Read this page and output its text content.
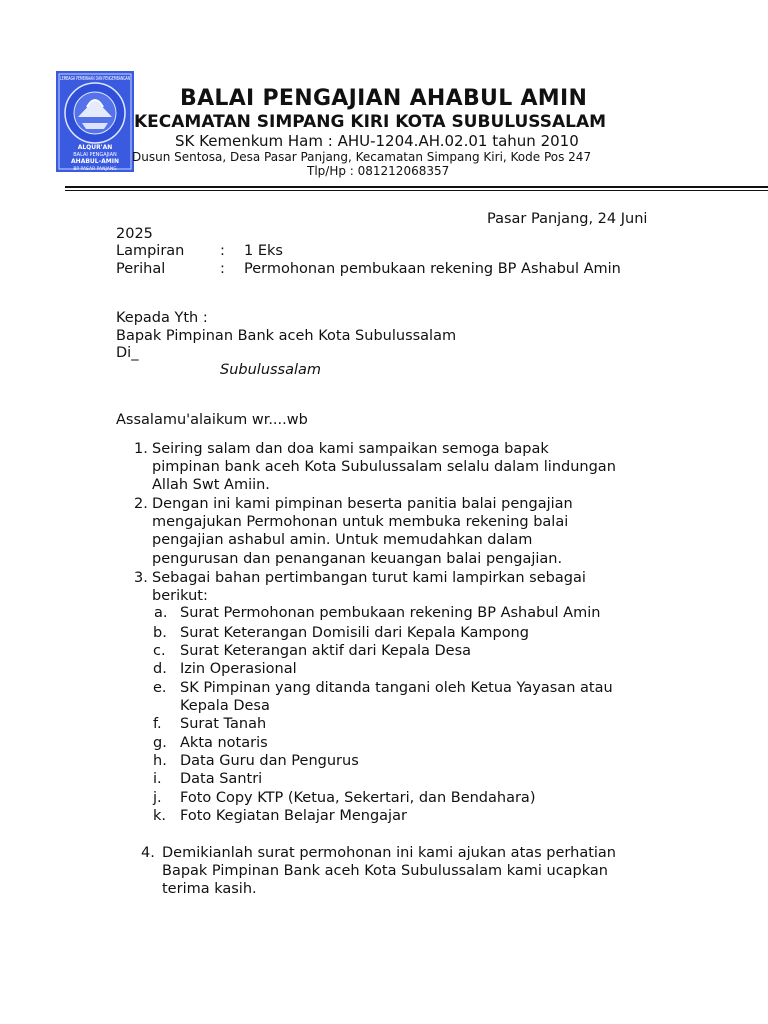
LEMBAGA PEMBINAAN DAN PENGEMBANGAN
ALQUR'AN
BALAI PENGAJIAN
AHABUL-AMIN
BP PASAR PANJANG
BALAI PENGAJIAN AHABUL AMIN
KECAMATAN SIMPANG KIRI KOTA SUBULUSSALAM
SK Kemenkum Ham : AHU-1204.AH.02.01 tahun 2010
Dusun Sentosa, Desa Pasar Panjang, Kecamatan Simpang Kiri, Kode Pos 247
Tlp/Hp : 081212068357
Pasar Panjang, 24 Juni
2025
Lampiran : 1 Eks
Perihal	: Permohonan pembukaan rekening BP Ashabul Amin
Kepada Yth :
Bapak Pimpinan Bank aceh Kota Subulussalam
Di_
Subulussalam
Assalamu'alaikum wr....wb
1. Seiring salam dan doa kami sampaikan semoga bapak
pimpinan bank aceh Kota Subulussalam selalu dalam lindungan
Allah Swt Amiin.
2. Dengan ini kami pimpinan beserta panitia balai pengajian
mengajukan Permohonan untuk membuka rekening balai
pengajian ashabul amin. Untuk memudahkan dalam
pengurusan dan penanganan keuangan balai pengajian.
3. Sebagai bahan pertimbangan turut kami lampirkan sebagai
berikut:
a. Surat Permohonan pembukaan rekening BP Ashabul Amin
b. Surat Keterangan Domisili dari Kepala Kampong
c. Surat Keterangan aktif dari Kepala Desa
d. Izin Operasional
e. SK Pimpinan yang ditanda tangani oleh Ketua Yayasan atau
Kepala Desa
f. Surat Tanah
g. Akta notaris
h. Data Guru dan Pengurus
i. Data Santri
j. Foto Copy KTP (Ketua, Sekertari, dan Bendahara)
k. Foto Kegiatan Belajar Mengajar
4. Demikianlah surat permohonan ini kami ajukan atas perhatian
Bapak Pimpinan Bank aceh Kota Subulussalam kami ucapkan
terima kasih.
